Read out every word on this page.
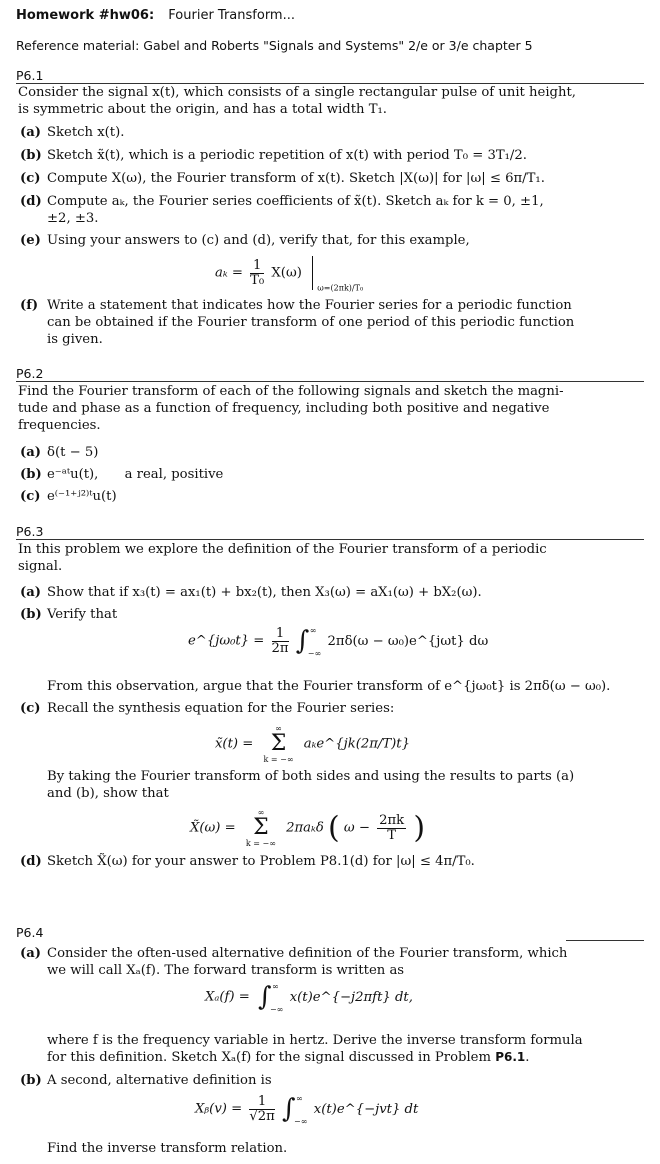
Homework #hw06: Fourier Transform...
Reference material: Gabel and Roberts "Signals and Systems" 2/e or 3/e chapter 5
P6.1

Consider the signal x(t), which consists of a single rectangular pulse of unit height,

is symmetric about the origin, and has a total width T₁.

(a) Sketch x(t).
(b) Sketch x̃(t), which is a periodic repetition of x(t) with period T₀ = 3T₁/2.
(c) Compute X(ω), the Fourier transform of x(t). Sketch |X(ω)| for |ω| ≤ 6π/T₁.
(d) Compute aₖ, the Fourier series coefficients of x̃(t). Sketch aₖ for k = 0, ±1,
±2, ±3.
(e) Using your answers to (c) and (d), verify that, for this example,
$a_k = \frac{1}{\text{T₀}} X(\omega)$  $_{\omega=(2\pi k)/T_0}$
(f) Write a statement that indicates how the Fourier series for a periodic function
can be obtained if the Fourier transform of one period of this periodic function
is given.
P6.2

Find the Fourier transform of each of the following signals and sketch the magni-

tude and phase as a function of frequency, including both positive and negative

frequencies.

(a) δ(t − 5)
(b) e⁻ᵃᵗu(t), a real, positive
(c) e⁽⁻¹⁺ʲ²⁾ᵗu(t)
P6.3

In this problem we explore the definition of the Fourier transform of a periodic

signal.

(a) Show that if x₃(t) = ax₁(t) + bx₂(t), then X₃(ω) = aX₁(ω) + bX₂(ω).
(b) Verify that
e^{jω₀t} = $\frac{1}{2\pi}$ ∫ ∞
−∞
2πδ(ω − ω₀)e^{jωt} dω
From this observation, argue that the Fourier transform of e^{jω₀t} is 2πδ(ω − ω₀).
(c) Recall the synthesis equation for the Fourier series:
x̃(t) =
∞
Σ
k = −∞
aₖe^{jk(2π/T)t}
By taking the Fourier transform of both sides and using the results to parts (a)
and (b), show that
X̃(ω) =
∞
Σ
k = −∞
2πaₖδ ( $\omega - \frac{2\pi k}{T}$ )
(d) Sketch X̃(ω) for your answer to Problem P8.1(d) for |ω| ≤ 4π/T₀.
P6.4
(a) Consider the often-used alternative definition of the Fourier transform, which
we will call Xₐ(f). The forward transform is written as
Xₐ(f) = ∫ ∞
−∞
x(t)e^{−j2πft} dt,
where f is the frequency variable in hertz. Derive the inverse transform formula
for this definition. Sketch Xₐ(f) for the signal discussed in Problem P6.1.
(b) A second, alternative definition is
Xᵦ(v) = $\frac{1}{√2\pi}$ ∫ ∞
−∞
x(t)e^{−jvt} dt
Find the inverse transform relation.
